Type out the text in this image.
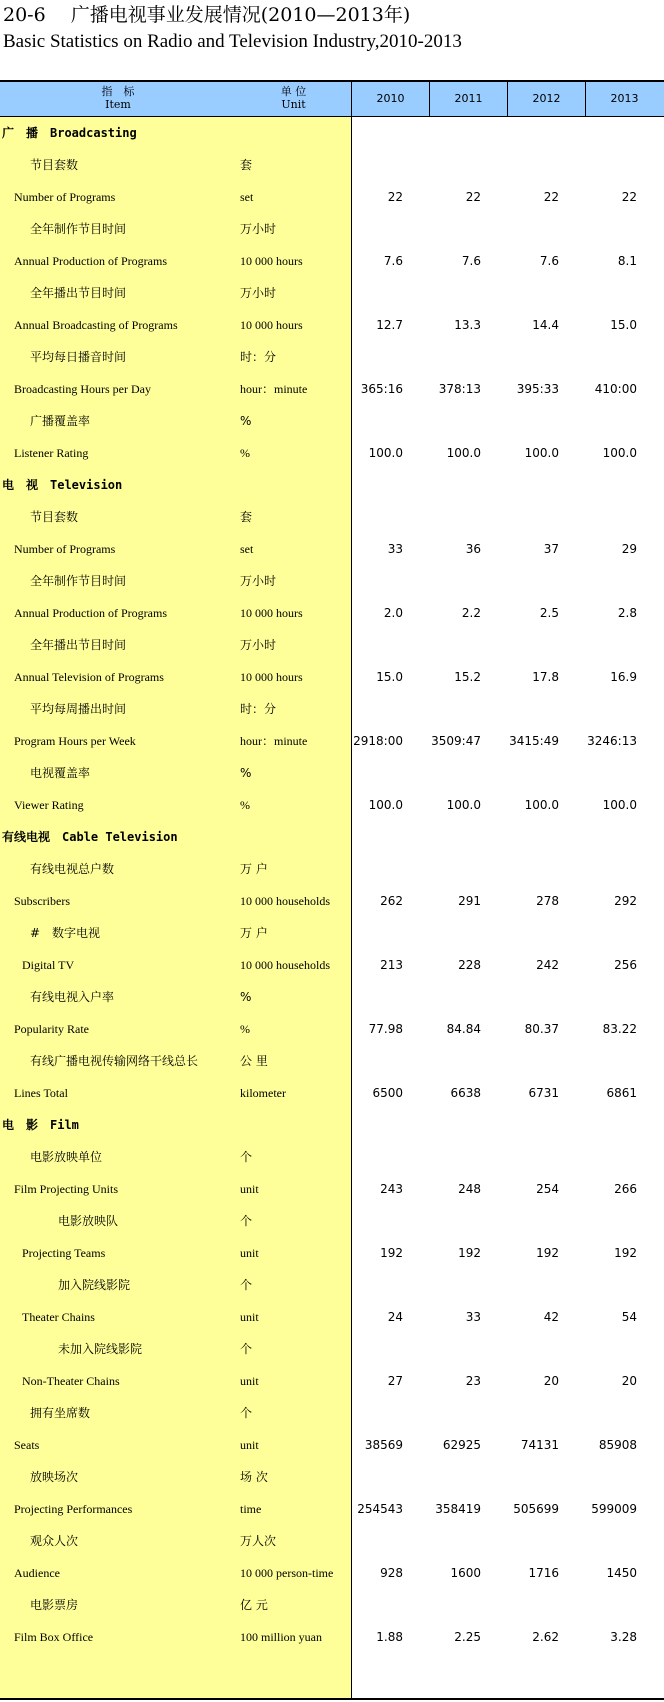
20-6　 广播电视事业发展情况(2010—2013年)
Basic Statistics on Radio and Television Industry,2010-2013
指　标
Item
单 位
Unit	2010	2011	2012	2013
广　播　Broadcasting
节目套数	套
Number of Programs	set	22	22	22	22
全年制作节目时间	万小时
Annual Production of Programs	10 000 hours	7.6	7.6	7.6	8.1
全年播出节目时间	万小时
Annual Broadcasting of Programs	10 000 hours	12.7	13.3	14.4	15.0
平均每日播音时间	时：分
Broadcasting Hours per Day	hour：minute	365:16	378:13	395:33	410:00
广播覆盖率	%
Listener Rating	%	100.0	100.0	100.0	100.0
电　视　Television
节目套数	套
Number of Programs	set	33	36	37	29
全年制作节目时间	万小时
Annual Production of Programs	10 000 hours	2.0	2.2	2.5	2.8
全年播出节目时间	万小时
Annual Television of Programs	10 000 hours	15.0	15.2	17.8	16.9
平均每周播出时间	时：分
Program Hours per Week	hour：minute	2918:00	3509:47	3415:49	3246:13
电视覆盖率	%
Viewer Rating	%	100.0	100.0	100.0	100.0
有线电视　Cable Television
有线电视总户数	万 户
Subscribers	10 000 households	262	291	278	292
#　数字电视	万 户
Digital TV	10 000 households	213	228	242	256
有线电视入户率	%
Popularity Rate	%	77.98	84.84	80.37	83.22
有线广播电视传输网络干线总长	公 里
Lines Total	kilometer	6500	6638	6731	6861
电　影　Film
电影放映单位	个
Film Projecting Units	unit	243	248	254	266
电影放映队	个
Projecting Teams	unit	192	192	192	192
加入院线影院	个
Theater Chains	unit	24	33	42	54
未加入院线影院	个
Non-Theater Chains	unit	27	23	20	20
拥有坐席数	个
Seats	unit	38569	62925	74131	85908
放映场次	场 次
Projecting Performances	time	254543	358419	505699	599009
观众人次	万人次
Audience	10 000 person-time	928	1600	1716	1450
电影票房	亿 元
Film Box Office	100 million yuan	1.88	2.25	2.62	3.28
